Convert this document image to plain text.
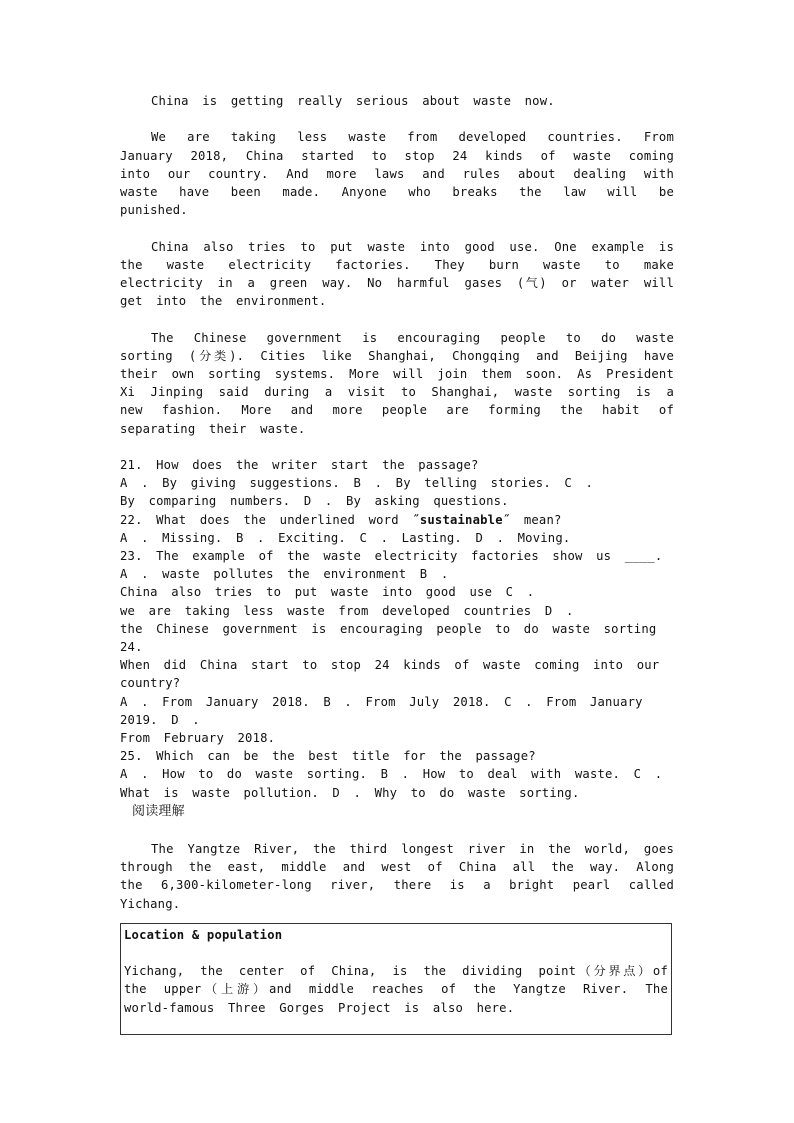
China is getting really serious about waste now.

We are taking less waste from developed countries. From January 2018, China started to stop 24 kinds of waste coming into our country. And more laws and rules about dealing with waste have been made. Anyone who breaks the law will be punished.

China also tries to put waste into good use. One example is the waste electricity factories. They burn waste to make electricity in a green way. No harmful gases (气) or water will get into the environment.

The Chinese government is encouraging people to do waste sorting (分类). Cities like Shanghai, Chongqing and Beijing have their own sorting systems. More will join them soon. As President Xi Jinping said during a visit to Shanghai, waste sorting is a new fashion. More and more people are forming the habit of separating their waste.

21. How does the writer start the passage?
A . By giving suggestions. B . By telling stories. C .
By comparing numbers. D . By asking questions.

22. What does the underlined word ˝sustainable˝ mean?

A . Missing. B . Exciting. C . Lasting. D . Moving.

23. The example of the waste electricity factories show us ____.
A . waste pollutes the environment B .
China also tries to put waste into good use C .
we are taking less waste from developed countries D .
the Chinese government is encouraging people to do waste sorting

24.
When did China start to stop 24 kinds of waste coming into our country?
A . From January 2018. B . From July 2018. C . From January 2019. D .
From February 2018.

25. Which can be the best title for the passage?
A . How to do waste sorting. B . How to deal with waste. C .
What is waste pollution. D . Why to do waste sorting.

阅读理解

The Yangtze River, the third longest river in the world, goes through the east, middle and west of China all the way. Along the 6,300-kilometer-long river, there is a bright pearl called Yichang.

Location & population

Yichang, the center of China, is the dividing point（分界点）of the upper（上游）and middle reaches of the Yangtze River. The world-famous Three Gorges Project is also here.
